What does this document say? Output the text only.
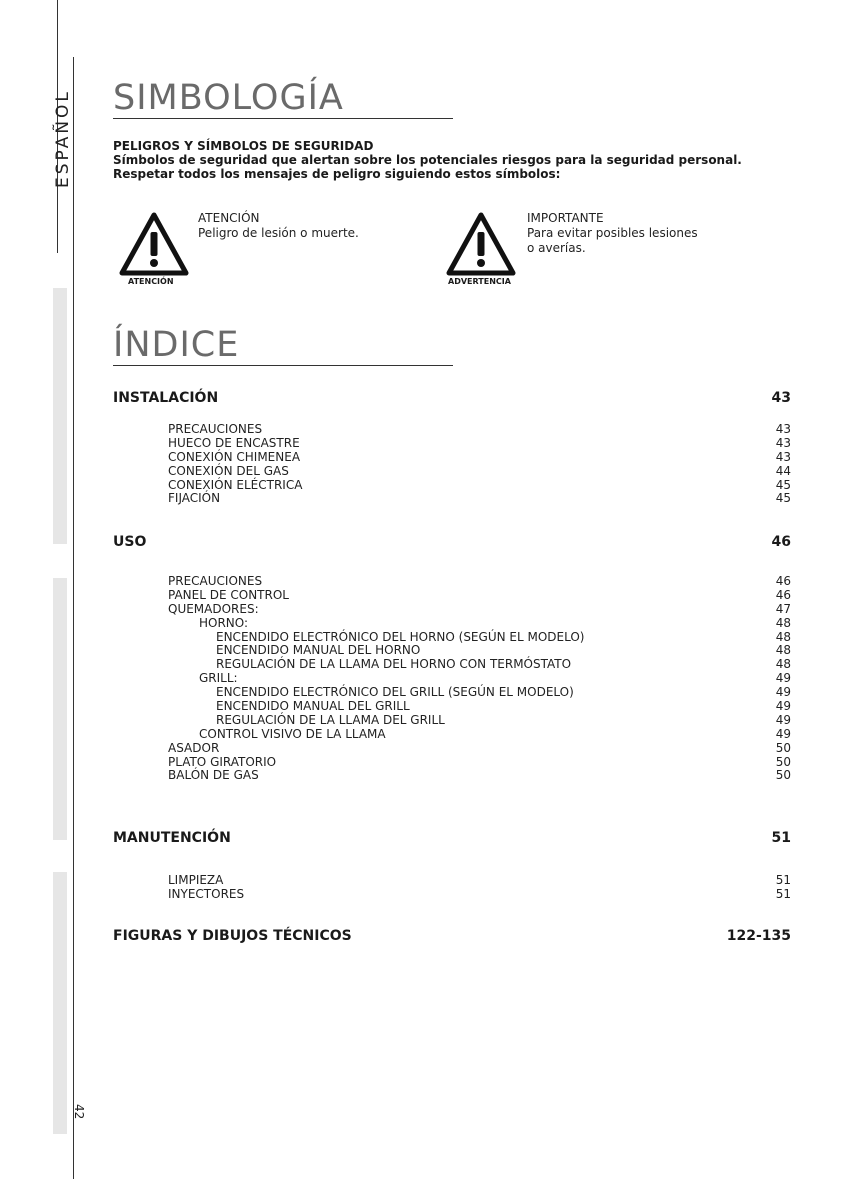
ESPAÑOL
42
SIMBOLOGÍA
PELIGROS Y SÍMBOLOS DE SEGURIDAD
Símbolos de seguridad que alertan sobre los potenciales riesgos para la seguridad personal.
Respetar todos los mensajes de peligro siguiendo estos símbolos:
ATENCIÓN
ATENCIÓN
Peligro de lesión o muerte.
ADVERTENCIA
IMPORTANTE
Para evitar posibles lesiones
o averías.
ÍNDICE
INSTALACIÓN	43
PRECAUCIONES	43
HUECO DE ENCASTRE	43
CONEXIÓN CHIMENEA	43
CONEXIÓN DEL GAS	44
CONEXIÓN ELÉCTRICA	45
FIJACIÓN	45
USO	46
PRECAUCIONES	46
PANEL DE CONTROL	46
QUEMADORES:	47
HORNO:	48
ENCENDIDO ELECTRÓNICO DEL HORNO (SEGÚN EL MODELO)	48
ENCENDIDO MANUAL DEL HORNO	48
REGULACIÓN DE LA LLAMA DEL HORNO CON TERMÓSTATO	48
GRILL:	49
ENCENDIDO ELECTRÓNICO DEL GRILL (SEGÚN EL MODELO)	49
ENCENDIDO MANUAL DEL GRILL	49
REGULACIÓN DE LA LLAMA DEL GRILL	49
CONTROL VISIVO DE LA LLAMA	49
ASADOR	50
PLATO GIRATORIO	50
BALÓN DE GAS	50
MANUTENCIÓN	51
LIMPIEZA	51
INYECTORES	51
FIGURAS Y DIBUJOS TÉCNICOS	122-135
